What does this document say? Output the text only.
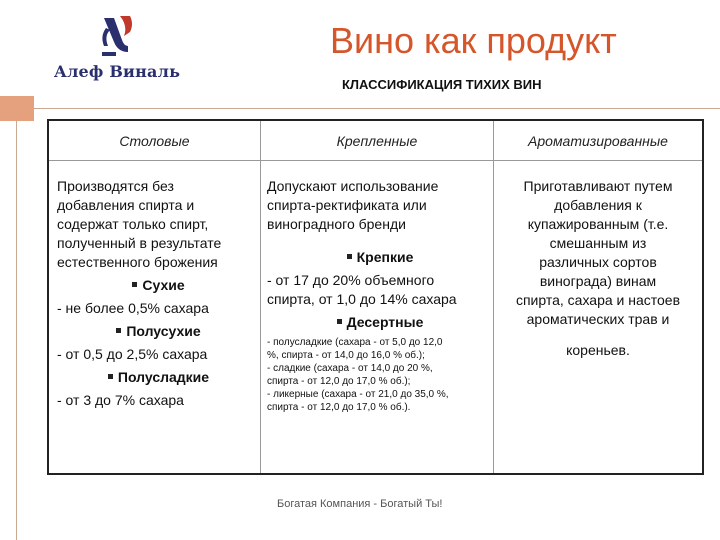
Алеф Виналь
Вино как продукт
КЛАССИФИКАЦИЯ ТИХИХ ВИН
Столовые
Производятся без
добавления спирта и
содержат только спирт,
полученный в результате
естественного брожения
Сухие
- не более 0,5% сахара
Полусухие
- от 0,5 до 2,5% сахара
Полусладкие
- от 3 до 7% сахара
Крепленные
Допускают использование
спирта-ректификата или
виноградного бренди
Крепкие
- от 17 до 20% объемного
спирта, от 1,0 до 14% сахара
Десертные
- полусладкие (сахара - от 5,0 до 12,0
%, спирта - от 14,0 до 16,0 % об.);
- сладкие (сахара - от 14,0 до 20 %,
спирта - от 12,0 до 17,0 % об.);
- ликерные (сахара - от 21,0 до 35,0 %,
спирта - от 12,0 до 17,0 % об.).
Ароматизированные
Приготавливают путем
добавления к
купажированным (т.е.
смешанным из
различных сортов
винограда) винам
спирта, сахара и настоев
ароматических трав и
кореньев.
Богатая Компания - Богатый Ты!
